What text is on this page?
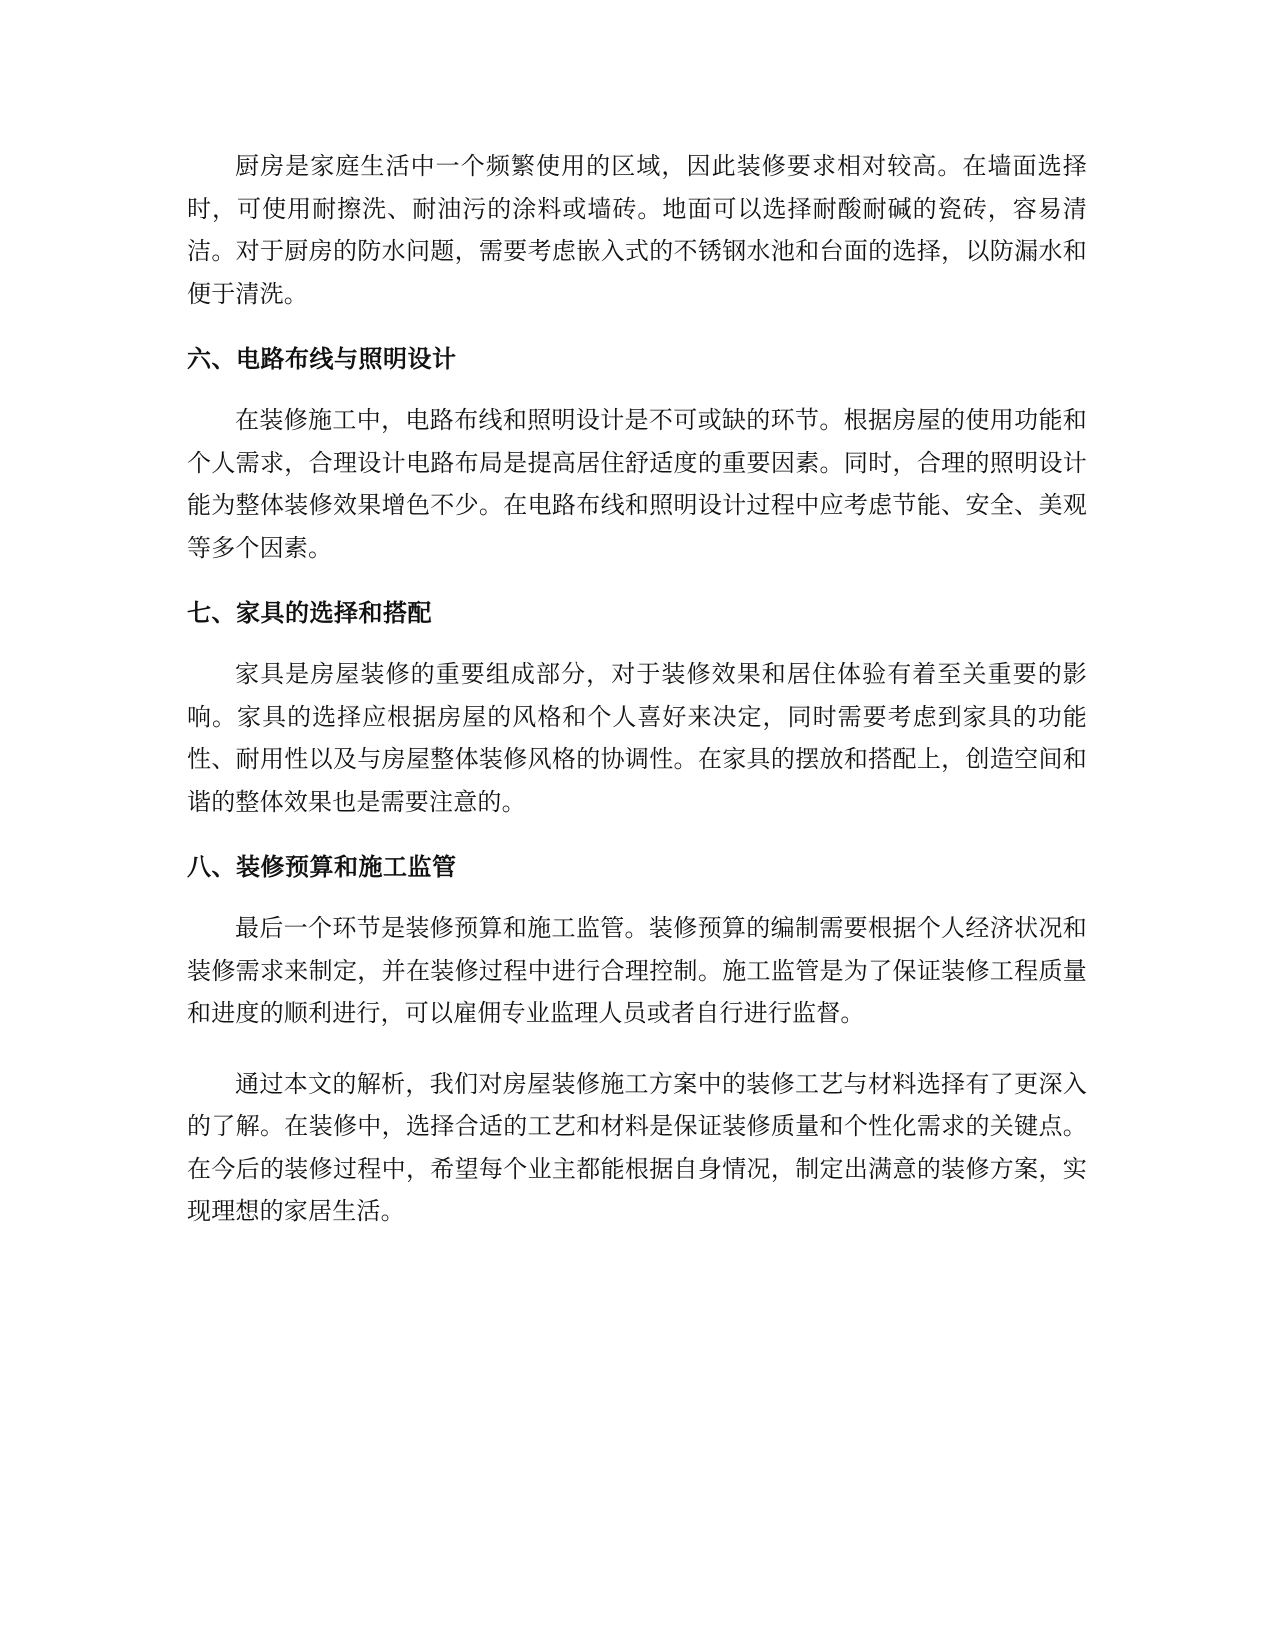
厨房是家庭生活中一个频繁使用的区域，因此装修要求相对较高。在墙面选择时，可使用耐擦洗、耐油污的涂料或墙砖。地面可以选择耐酸耐碱的瓷砖，容易清洁。对于厨房的防水问题，需要考虑嵌入式的不锈钢水池和台面的选择，以防漏水和便于清洗。

六、电路布线与照明设计

在装修施工中，电路布线和照明设计是不可或缺的环节。根据房屋的使用功能和个人需求，合理设计电路布局是提高居住舒适度的重要因素。同时，合理的照明设计能为整体装修效果增色不少。在电路布线和照明设计过程中应考虑节能、安全、美观等多个因素。

七、家具的选择和搭配

家具是房屋装修的重要组成部分，对于装修效果和居住体验有着至关重要的影响。家具的选择应根据房屋的风格和个人喜好来决定，同时需要考虑到家具的功能性、耐用性以及与房屋整体装修风格的协调性。在家具的摆放和搭配上，创造空间和谐的整体效果也是需要注意的。

八、装修预算和施工监管

最后一个环节是装修预算和施工监管。装修预算的编制需要根据个人经济状况和装修需求来制定，并在装修过程中进行合理控制。施工监管是为了保证装修工程质量和进度的顺利进行，可以雇佣专业监理人员或者自行进行监督。

通过本文的解析，我们对房屋装修施工方案中的装修工艺与材料选择有了更深入的了解。在装修中，选择合适的工艺和材料是保证装修质量和个性化需求的关键点。在今后的装修过程中，希望每个业主都能根据自身情况，制定出满意的装修方案，实现理想的家居生活。
